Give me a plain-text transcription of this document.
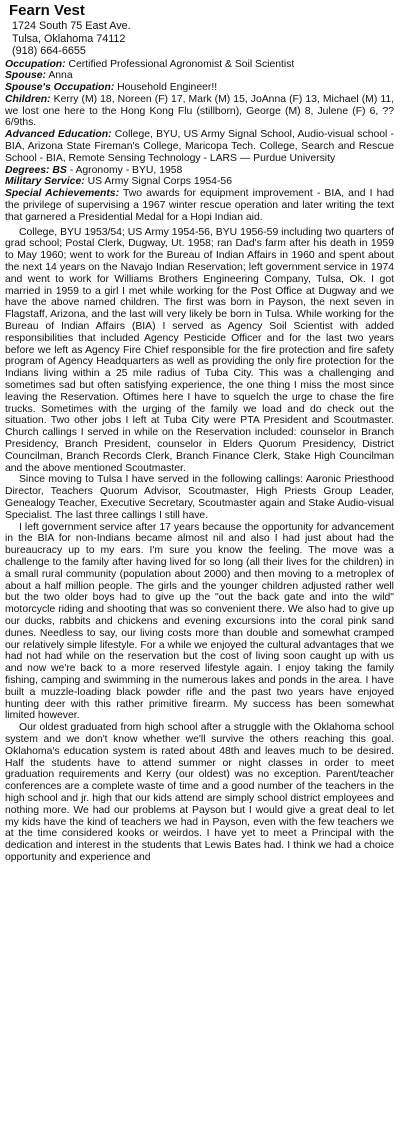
Fearn Vest
1724 South 75 East Ave.
Tulsa, Oklahoma 74112
(918) 664-6655

Occupation: Certified Professional Agronomist & Soil Scientist

Spouse: Anna

Spouse's Occupation: Household Engineer!!

Children: Kerry (M) 18, Noreen (F) 17, Mark (M) 15, JoAnna (F) 13, Michael (M) 11, we lost one here to the Hong Kong Flu (stillborn), George (M) 8, Julene (F) 6, ?? 6/9ths.

Advanced Education: College, BYU, US Army Signal School, Audio-visual school - BIA, Arizona State Fireman's College, Maricopa Tech. College, Search and Rescue School - BIA, Remote Sensing Technology - LARS — Purdue University

Degrees: BS - Agronomy - BYU, 1958

Military Service: US Army Signal Corps 1954-56

Special Achievements: Two awards for equipment improvement - BIA, and I had the privilege of supervising a 1967 winter rescue operation and later writing the text that garnered a Presidential Medal for a Hopi Indian aid.

College, BYU 1953/54; US Army 1954-56, BYU 1956-59 including two quarters of grad school; Postal Clerk, Dugway, Ut. 1958; ran Dad's farm after his death in 1959 to May 1960; went to work for the Bureau of Indian Affairs in 1960 and spent about the next 14 years on the Navajo Indian Reservation; left government service in 1974 and went to work for Williams Brothers Engineering Company, Tulsa, Ok. I got married in 1959 to a girl I met while working for the Post Office at Dugway and we have the above named children. The first was born in Payson, the next seven in Flagstaff, Arizona, and the last will very likely be born in Tulsa. While working for the Bureau of Indian Affairs (BIA) I served as Agency Soil Scientist with added responsibilities that included Agency Pesticide Officer and for the last two years before we left as Agency Fire Chief responsible for the fire protection and fire safety program of Agency Headquarters as well as providing the only fire protection for the Indians living within a 25 mile radius of Tuba City. This was a challenging and sometimes sad but often satisfying experience, the one thing I miss the most since leaving the Reservation. Oftimes here I have to squelch the urge to chase the fire trucks. Sometimes with the urging of the family we load and do check out the situation. Two other jobs I left at Tuba City were PTA President and Scoutmaster. Church callings I served in while on the Reservation included: counselor in Branch Presidency, Branch President, counselor in Elders Quorum Presidency, District Councilman, Branch Records Clerk, Branch Finance Clerk, Stake High Councilman and the above mentioned Scoutmaster.

Since moving to Tulsa I have served in the following callings: Aaronic Priesthood Director, Teachers Quorum Advisor, Scoutmaster, High Priests Group Leader, Genealogy Teacher, Executive Secretary, Scoutmaster again and Stake Audio-visual Specialist. The last three callings I still have.

I left government service after 17 years because the opportunity for advancement in the BIA for non-Indians became almost nil and also I had just about had the bureaucracy up to my ears. I'm sure you know the feeling. The move was a challenge to the family after having lived for so long (all their lives for the children) in a small rural community (population about 2000) and then moving to a metroplex of about a half million people. The girls and the younger children adjusted rather well but the two older boys had to give up the "out the back gate and into the wild" motorcycle riding and shooting that was so convenient there. We also had to give up our ducks, rabbits and chickens and evening excursions into the coral pink sand dunes. Needless to say, our living costs more than double and somewhat cramped our relatively simple lifestyle. For a while we enjoyed the cultural advantages that we had not had while on the reservation but the cost of living soon caught up with us and now we're back to a more reserved lifestyle again. I enjoy taking the family fishing, camping and swimming in the numerous lakes and ponds in the area. I have built a muzzle-loading black powder rifle and the past two years have enjoyed hunting deer with this rather primitive firearm. My success has been somewhat limited however.

Our oldest graduated from high school after a struggle with the Oklahoma school system and we don't know whether we'll survive the others reaching this goal. Oklahoma's education system is rated about 48th and leaves much to be desired. Half the students have to attend summer or night classes in order to meet graduation requirements and Kerry (our oldest) was no exception. Parent/teacher conferences are a complete waste of time and a good number of the teachers in the high school and jr. high that our kids attend are simply school district employees and nothing more. We had our problems at Payson but I would give a great deal to let my kids have the kind of teachers we had in Payson, even with the few teachers we at the time considered kooks or weirdos. I have yet to meet a Principal with the dedication and interest in the students that Lewis Bates had. I think we had a choice opportunity and experience and
